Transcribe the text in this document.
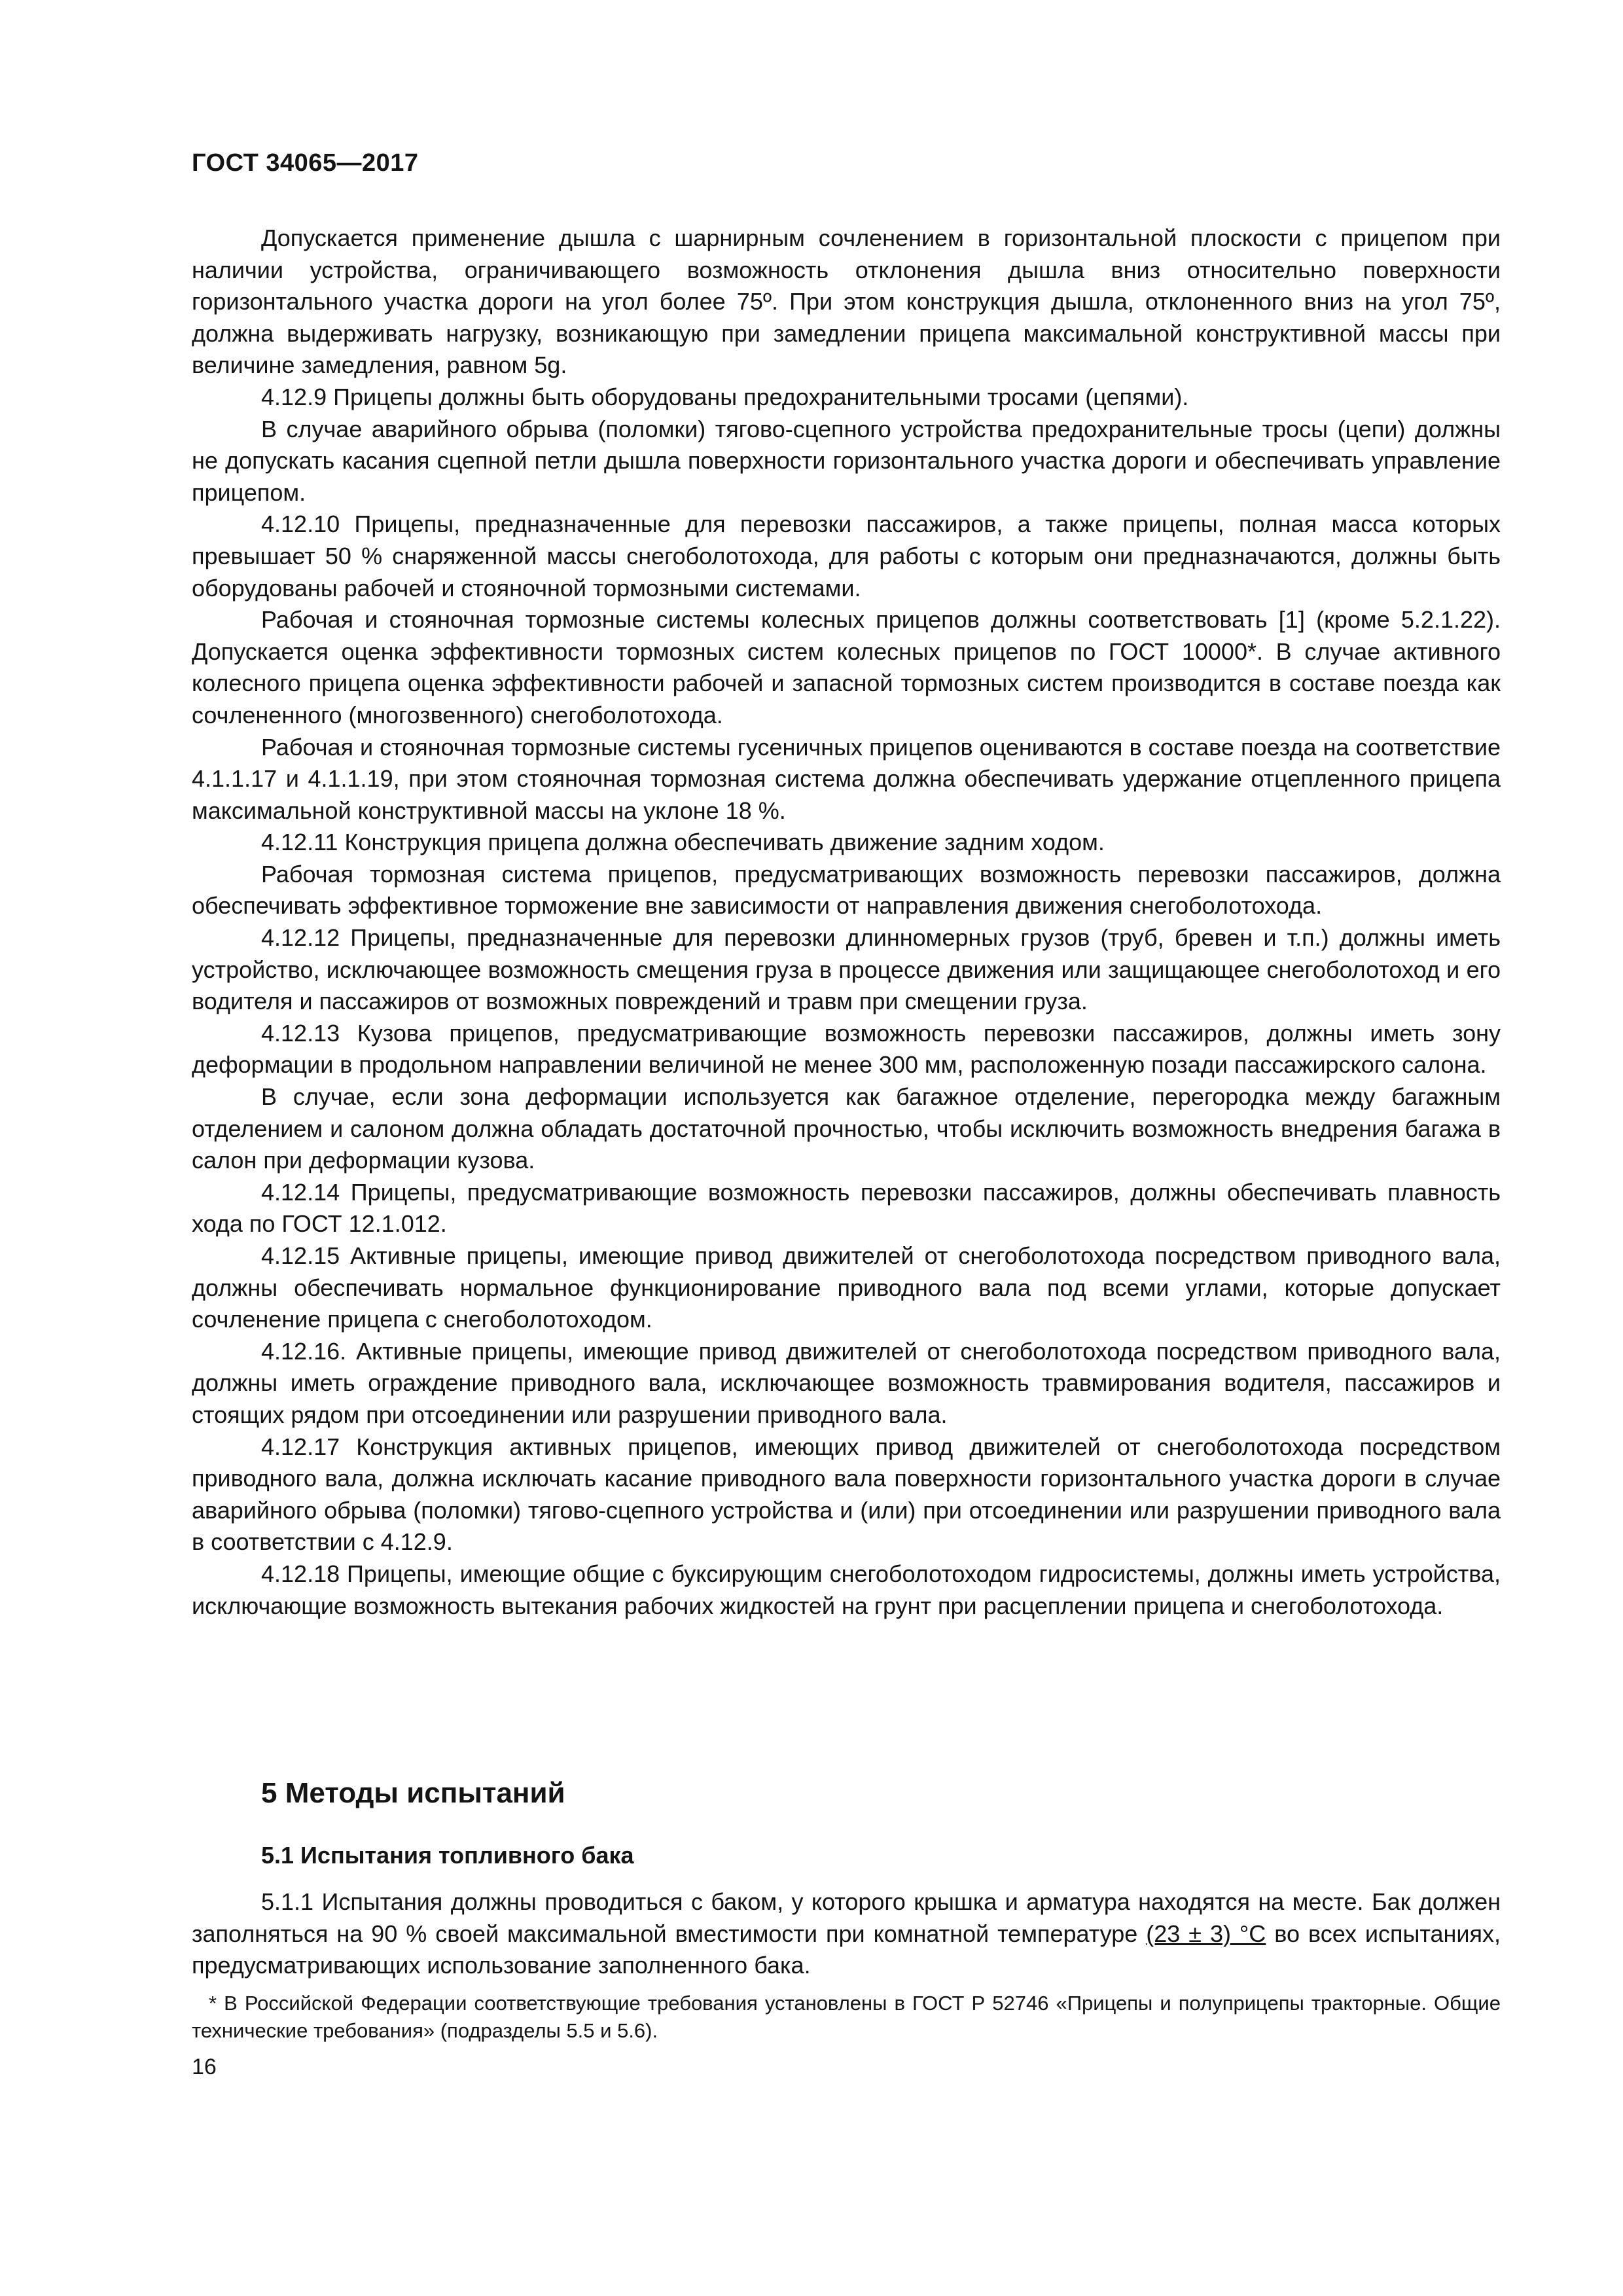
ГОСТ 34065—2017

Допускается применение дышла с шарнирным сочленением в горизонтальной плоскости с прицепом при наличии устройства, ограничивающего возможность отклонения дышла вниз относительно поверхности горизонтального участка дороги на угол более 75º. При этом конструкция дышла, отклоненного вниз на угол 75º, должна выдерживать нагрузку, возникающую при замедлении прицепа максимальной конструктивной массы при величине замедления, равном 5g.

4.12.9 Прицепы должны быть оборудованы предохранительными тросами (цепями).

В случае аварийного обрыва (поломки) тягово-сцепного устройства предохранительные тросы (цепи) должны не допускать касания сцепной петли дышла поверхности горизонтального участка дороги и обеспечивать управление прицепом.

4.12.10 Прицепы, предназначенные для перевозки пассажиров, а также прицепы, полная масса которых превышает 50 % снаряженной массы снегоболотохода, для работы с которым они предназначаются, должны быть оборудованы рабочей и стояночной тормозными системами.

Рабочая и стояночная тормозные системы колесных прицепов должны соответствовать [1] (кроме 5.2.1.22). Допускается оценка эффективности тормозных систем колесных прицепов по ГОСТ 10000*. В случае активного колесного прицепа оценка эффективности рабочей и запасной тормозных систем производится в составе поезда как сочлененного (многозвенного) снегоболотохода.

Рабочая и стояночная тормозные системы гусеничных прицепов оцениваются в составе поезда на соответствие 4.1.1.17 и 4.1.1.19, при этом стояночная тормозная система должна обеспечивать удержание отцепленного прицепа максимальной конструктивной массы на уклоне 18 %.

4.12.11 Конструкция прицепа должна обеспечивать движение задним ходом.

Рабочая тормозная система прицепов, предусматривающих возможность перевозки пассажиров, должна обеспечивать эффективное торможение вне зависимости от направления движения снегоболотохода.

4.12.12 Прицепы, предназначенные для перевозки длинномерных грузов (труб, бревен и т.п.) должны иметь устройство, исключающее возможность смещения груза в процессе движения или защищающее снегоболотоход и его водителя и пассажиров от возможных повреждений и травм при смещении груза.

4.12.13 Кузова прицепов, предусматривающие возможность перевозки пассажиров, должны иметь зону деформации в продольном направлении величиной не менее 300 мм, расположенную позади пассажирского салона.

В случае, если зона деформации используется как багажное отделение, перегородка между багажным отделением и салоном должна обладать достаточной прочностью, чтобы исключить возможность внедрения багажа в салон при деформации кузова.

4.12.14 Прицепы, предусматривающие возможность перевозки пассажиров, должны обеспечивать плавность хода по ГОСТ 12.1.012.

4.12.15 Активные прицепы, имеющие привод движителей от снегоболотохода посредством приводного вала, должны обеспечивать нормальное функционирование приводного вала под всеми углами, которые допускает сочленение прицепа с снегоболотоходом.

4.12.16. Активные прицепы, имеющие привод движителей от снегоболотохода посредством приводного вала, должны иметь ограждение приводного вала, исключающее возможность травмирования водителя, пассажиров и стоящих рядом при отсоединении или разрушении приводного вала.

4.12.17 Конструкция активных прицепов, имеющих привод движителей от снегоболотохода посредством приводного вала, должна исключать касание приводного вала поверхности горизонтального участка дороги в случае аварийного обрыва (поломки) тягово-сцепного устройства и (или) при отсоединении или разрушении приводного вала в соответствии с 4.12.9.

4.12.18 Прицепы, имеющие общие с буксирующим снегоболотоходом гидросистемы, должны иметь устройства, исключающие возможность вытекания рабочих жидкостей на грунт при расцеплении прицепа и снегоболотохода.

5 Методы испытаний
5.1 Испытания топливного бака

5.1.1 Испытания должны проводиться с баком, у которого крышка и арматура находятся на месте. Бак должен заполняться на 90 % своей максимальной вместимости при комнатной температуре (23 ± 3) °С во всех испытаниях, предусматривающих использование заполненного бака.

* В Российской Федерации соответствующие требования установлены в ГОСТ Р 52746 «Прицепы и полуприцепы тракторные. Общие технические требования» (подразделы 5.5 и 5.6).

16
